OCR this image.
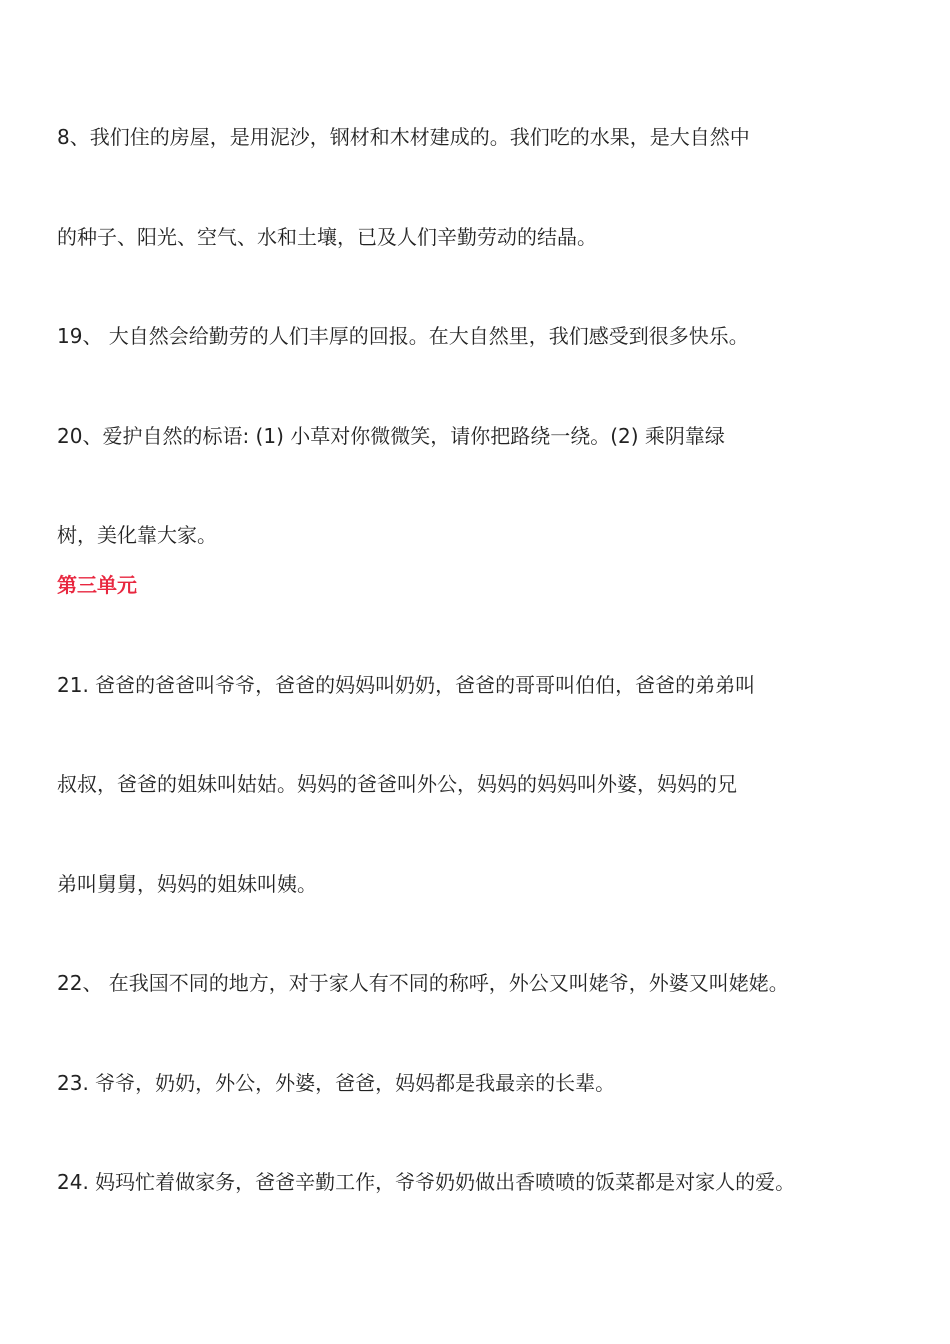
8、我们住的房屋，是用泥沙，钢材和木材建成的。我们吃的水果，是大自然中

的种子、阳光、空气、水和土壤，已及人们辛勤劳动的结晶。

19、 大自然会给勤劳的人们丰厚的回报。在大自然里，我们感受到很多快乐。

20、爱护自然的标语: (1) 小草对你微微笑，请你把路绕一绕。(2) 乘阴靠绿

树，美化靠大家。

第三单元

21. 爸爸的爸爸叫爷爷，爸爸的妈妈叫奶奶，爸爸的哥哥叫伯伯，爸爸的弟弟叫

叔叔，爸爸的姐妹叫姑姑。妈妈的爸爸叫外公，妈妈的妈妈叫外婆，妈妈的兄

弟叫舅舅，妈妈的姐妹叫姨。

22、 在我国不同的地方，对于家人有不同的称呼，外公又叫姥爷，外婆又叫姥姥。

23. 爷爷，奶奶，外公，外婆，爸爸，妈妈都是我最亲的长辈。

24. 妈玛忙着做家务，爸爸辛勤工作，爷爷奶奶做出香喷喷的饭菜都是对家人的爱。
